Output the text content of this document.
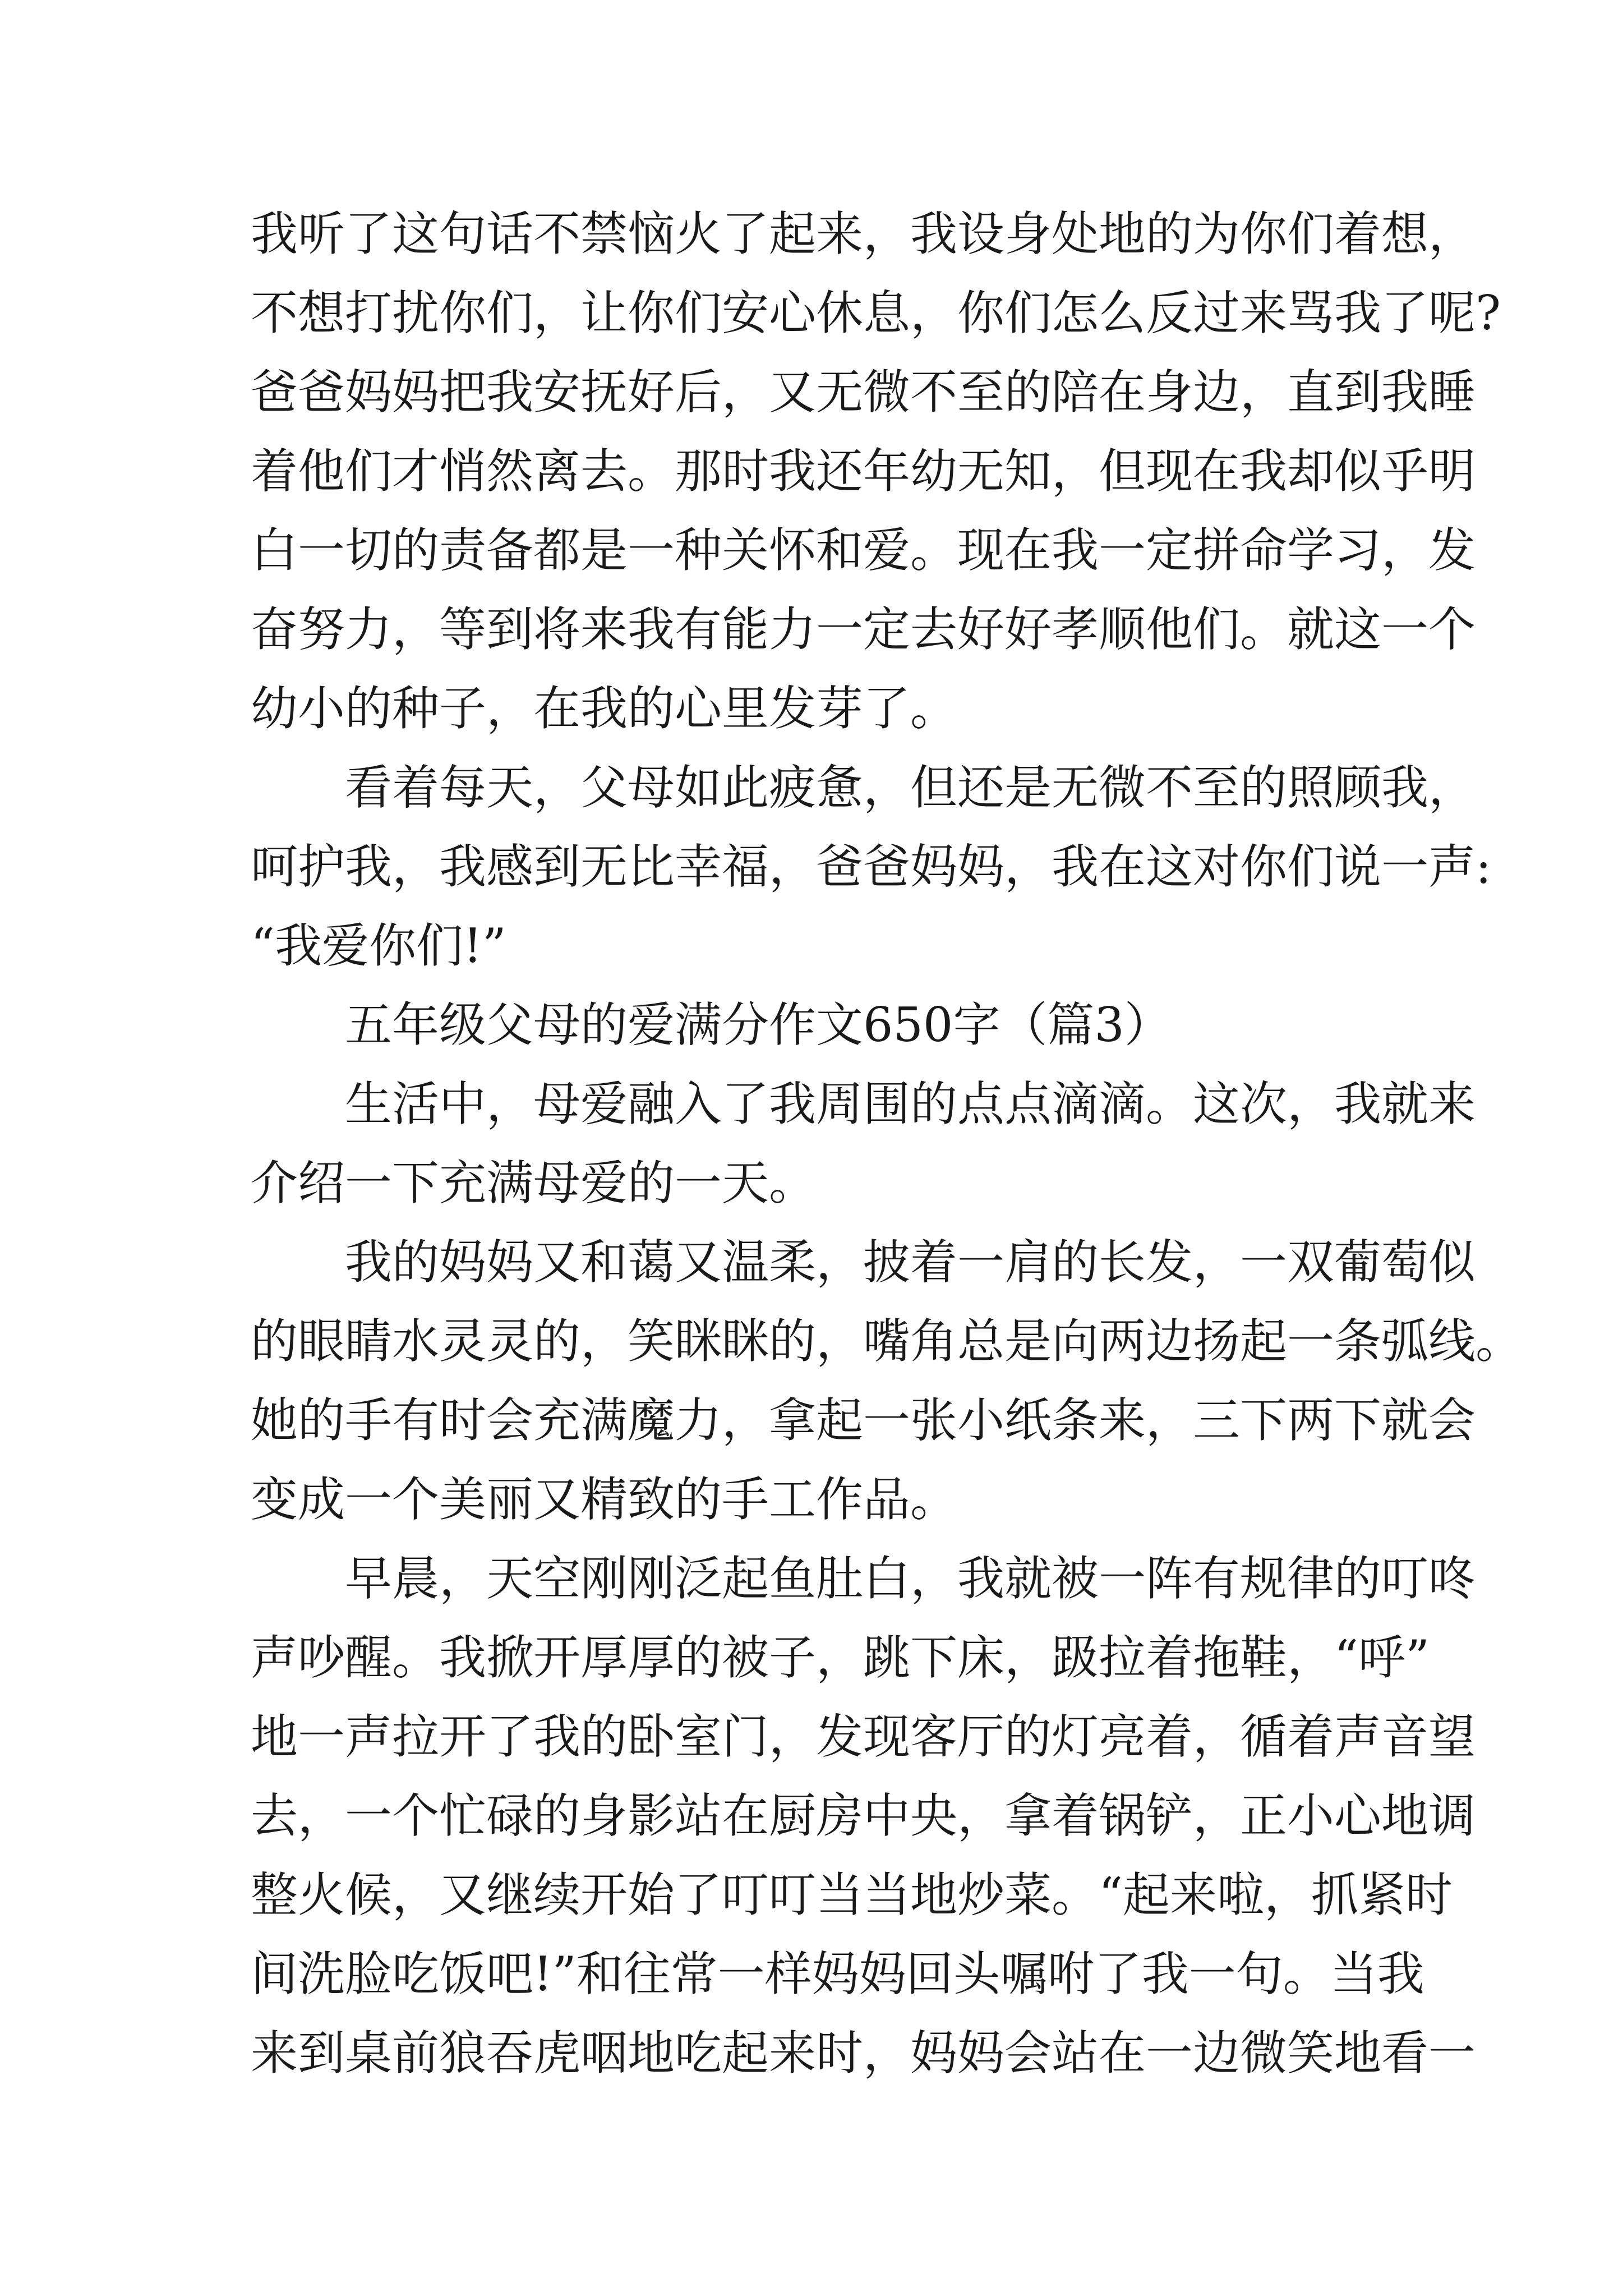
我听了这句话不禁恼火了起来，我设身处地的为你们着想，
不想打扰你们，让你们安心休息，你们怎么反过来骂我了呢?
爸爸妈妈把我安抚好后，又无微不至的陪在身边，直到我睡
着他们才悄然离去。那时我还年幼无知，但现在我却似乎明
白一切的责备都是一种关怀和爱。现在我一定拼命学习，发
奋努力，等到将来我有能力一定去好好孝顺他们。就这一个
幼小的种子，在我的心里发芽了。
看着每天，父母如此疲惫，但还是无微不至的照顾我，
呵护我，我感到无比幸福，爸爸妈妈，我在这对你们说一声:
“我爱你们!”
五年级父母的爱满分作文650字（篇3）
生活中，母爱融入了我周围的点点滴滴。这次，我就来
介绍一下充满母爱的一天。
我的妈妈又和蔼又温柔，披着一肩的长发，一双葡萄似
的眼睛水灵灵的，笑眯眯的，嘴角总是向两边扬起一条弧线。
她的手有时会充满魔力，拿起一张小纸条来，三下两下就会
变成一个美丽又精致的手工作品。
早晨，天空刚刚泛起鱼肚白，我就被一阵有规律的叮咚
声吵醒。我掀开厚厚的被子，跳下床，趿拉着拖鞋，“呼”
地一声拉开了我的卧室门，发现客厅的灯亮着，循着声音望
去，一个忙碌的身影站在厨房中央，拿着锅铲，正小心地调
整火候，又继续开始了叮叮当当地炒菜。“起来啦，抓紧时
间洗脸吃饭吧!”和往常一样妈妈回头嘱咐了我一句。当我
来到桌前狼吞虎咽地吃起来时，妈妈会站在一边微笑地看一
